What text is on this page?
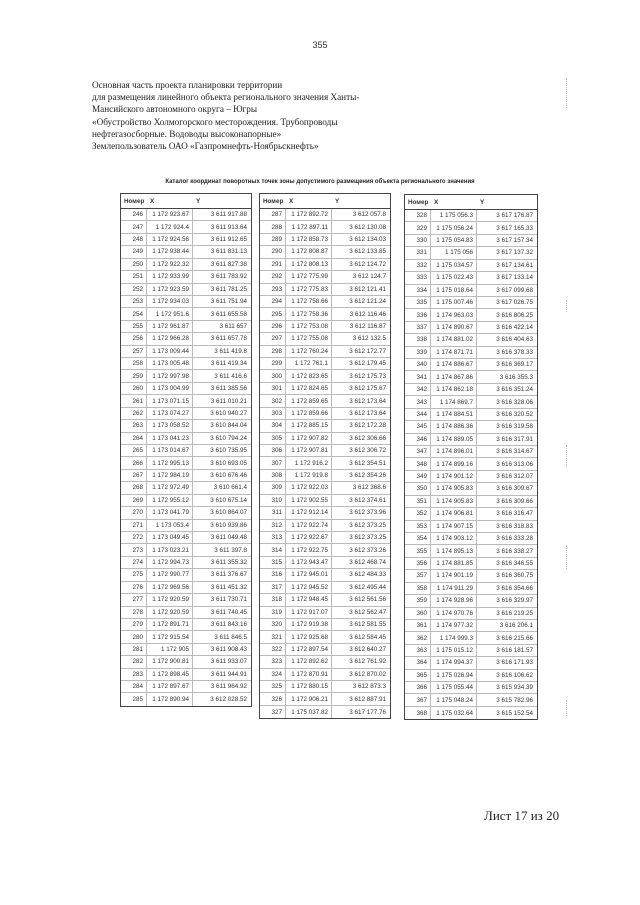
355
Основная часть проекта планировки территории
для размещения линейного объекта регионального значения Ханты-
Мансийского автономного округа – Югры
«Обустройство Холмогорского месторождения. Трубопроводы
нефтегазосборные. Водоводы высоконапорные»
Землепользователь ОАО «Газпромнефть-Ноябрьскнефть»
Каталог координат поворотных точек зоны допустимого размещения объекта регионального значения
Номер X	Y
246	1 172 923.67	3 611 917.88
247	1 172 924.4	3 611 913.64
248	1 172 924.56	3 611 912.65
249	1 172 938.44	3 611 831.13
250	1 172 922.32	3 611 827.38
251	1 172 933.99	3 611 783.92
252	1 172 923.59	3 611 781.25
253	1 172 934.03	3 611 751.94
254	1 172 951.6	3 611 655.58
255	1 172 961.87	3 611 657
256	1 172 966.28	3 611 657.78
257	1 173 009.44	3 611 419.8
258	1 173 005.48	3 611 419.34
259	1 172 997.98	3 611 416.6
260	1 173 004.99	3 611 385.56
261	1 173 071.15	3 611 010.21
262	1 173 074.27	3 610 940.27
263	1 173 058.52	3 610 844.04
264	1 173 041.23	3 610 794.24
265	1 173 014.67	3 610 735.95
266	1 172 995.13	3 610 693.05
267	1 172 984.19	3 610 676.46
268	1 172 972.49	3 610 661.4
269	1 172 955.12	3 610 675.14
270	1 173 041.79	3 610 864.07
271	1 173 053.4	3 610 939.86
272	1 173 049.45	3 611 049.48
273	1 173 023.21	3 611 397.8
274	1 172 994.73	3 611 355.32
275	1 172 990.77	3 611 376.67
276	1 172 969.56	3 611 451.32
277	1 172 920.59	3 611 730.71
278	1 172 920.59	3 611 740.45
279	1 172 891.71	3 611 843.16
280	1 172 915.54	3 611 846.5
281	1 172 905	3 611 908.43
282	1 172 900.81	3 611 933.07
283	1 172 898.45	3 611 944.91
284	1 172 897.67	3 611 964.92
285	1 172 890.94	3 612 028.52
Номер X	Y
287	1 172 892.72	3 612 057.8
288	1 172 897.11	3 612 130.08
289	1 172 858.73	3 612 134.03
290	1 172 808.87	3 612 133.85
291	1 172 808.13	3 612 124.72
292	1 172 775.99	3 612 124.7
293	1 172 775.83	3 612 121.41
294	1 172 758.66	3 612 121.24
295	1 172 758.36	3 612 116.46
296	1 172 753.08	3 612 116.87
297	1 172 755.08	3 612 132.5
298	1 172 760.24	3 612 172.77
299	1 172 761.1	3 612 179.45
300	1 172 823.65	3 612 175.73
301	1 172 824.65	3 612 175.67
302	1 172 859.65	3 612 173.64
303	1 172 859.66	3 612 173.64
304	1 172 885.15	3 612 172.28
305	1 172 907.82	3 612 306.66
306	1 172 907.81	3 612 306.72
307	1 172 916.2	3 612 354.51
308	1 172 919.8	3 612 354.26
309	1 172 922.03	3 612 368.6
310	1 172 902.55	3 612 374.61
311	1 172 912.14	3 612 373.96
312	1 172 922.74	3 612 373.25
313	1 172 922.67	3 612 373.25
314	1 172 922.75	3 612 373.26
315	1 172 943.47	3 612 468.74
316	1 172 945.01	3 612 484.33
317	1 172 945.52	3 612 495.44
318	1 172 948.45	3 612 561.56
319	1 172 917.07	3 612 562.47
320	1 172 919.38	3 612 581.55
321	1 172 925.68	3 612 584.45
322	1 172 897.54	3 612 640.27
323	1 172 892.62	3 612 761.92
324	1 172 870.91	3 612 870.02
325	1 172 880.15	3 612 873.3
326	1 172 906.21	3 612 887.91
327	1 175 037.82	3 617 177.76
Номер X	Y
328	1 175 056.3	3 617 176.87
329	1 175 056.24	3 617 165.33
330	1 175 054.83	3 617 157.34
331	1 175 056	3 617 137.32
332	1 175 034.57	3 617 134.61
333	1 175 022.43	3 617 133.14
334	1 175 018.64	3 617 099.68
335	1 175 007.46	3 617 026.75
336	1 174 963.03	3 616 806.25
337	1 174 890.67	3 616 422.14
338	1 174 881.02	3 616 404.63
339	1 174 871.71	3 616 378.33
340	1 174 886.67	3 616 369.17
341	1 174 867.86	3 616 355.3
342	1 174 862.18	3 616 351.24
343	1 174 869.7	3 616 328.06
344	1 174 884.51	3 616 320.52
345	1 174 886.36	3 616 319.58
346	1 174 889.05	3 616 317.91
347	1 174 896.01	3 616 314.67
348	1 174 899.16	3 616 313.06
349	1 174 901.12	3 616 312.07
350	1 174 905.83	3 616 309.67
351	1 174 905.83	3 616 309.66
352	1 174 906.81	3 616 316.47
353	1 174 907.15	3 616 318.83
354	1 174 903.12	3 616 333.28
355	1 174 895.13	3 616 338.27
356	1 174 881.85	3 616 346.55
357	1 174 901.19	3 616 360.75
358	1 174 911.29	3 616 354.66
359	1 174 928.96	3 616 329.97
360	1 174 970.76	3 616 219.25
361	1 174 977.32	3 616 206.1
362	1 174 999.3	3 616 215.66
363	1 175 015.12	3 616 181.57
364	1 174 994.37	3 616 171.93
365	1 175 026.94	3 616 106.62
366	1 175 055.44	3 615 934.39
367	1 175 048.24	3 615 782.96
368	1 175 032.64	3 615 152.54
Лист 17 из 20
